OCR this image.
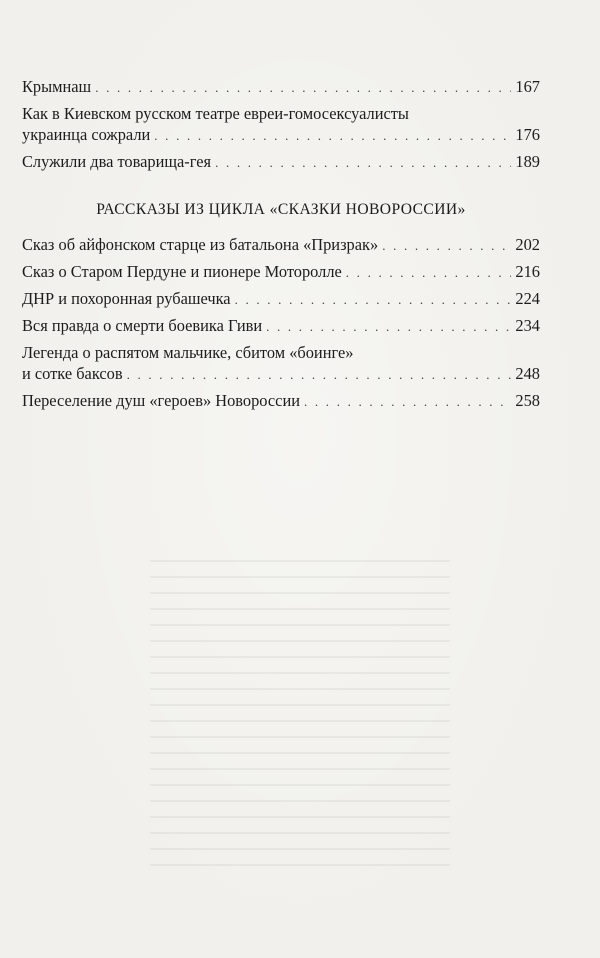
Крымнаш . . .	167
Как в Киевском русском театре евреи-гомосексуалисты
украинца сожрали . . .	176
Служили два товарища-гея . . .	189
РАССКАЗЫ ИЗ ЦИКЛА «СКАЗКИ НОВОРОССИИ»
Сказ об айфонском старце из батальона «Призрак» . . .	202
Сказ о Старом Пердуне и пионере Моторолле . . .	216
ДНР и похоронная рубашечка . . .	224
Вся правда о смерти боевика Гиви . . .	234
Легенда о распятом мальчике, сбитом «боинге»
и сотке баксов . . .	248
Переселение душ «героев» Новороссии . . .	258
